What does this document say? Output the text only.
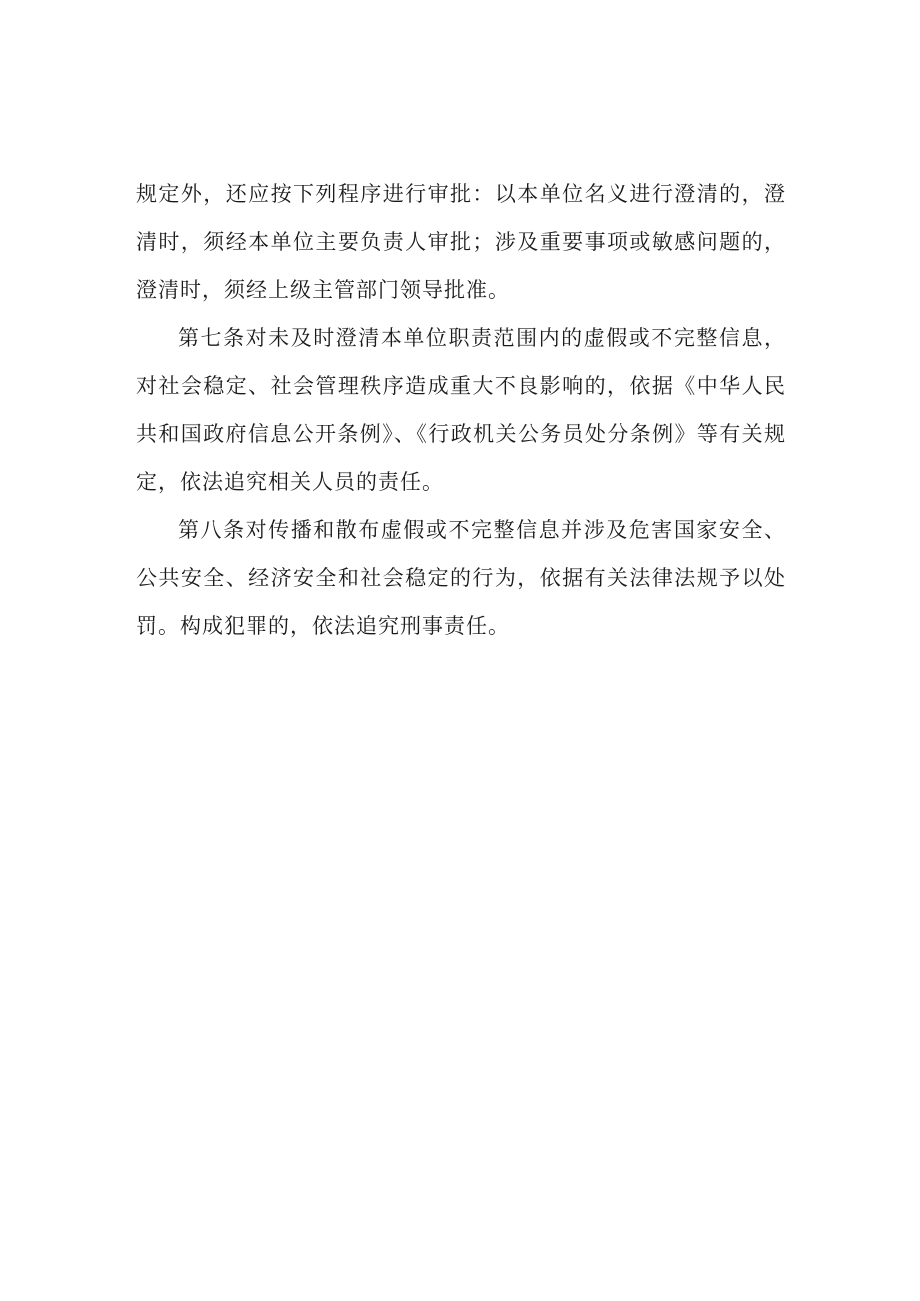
规定外，还应按下列程序进行审批：以本单位名义进行澄清的，澄清时，须经本单位主要负责人审批；涉及重要事项或敏感问题的，澄清时，须经上级主管部门领导批准。

第七条对未及时澄清本单位职责范围内的虚假或不完整信息，对社会稳定、社会管理秩序造成重大不良影响的，依据《中华人民共和国政府信息公开条例》、《行政机关公务员处分条例》等有关规定，依法追究相关人员的责任。

第八条对传播和散布虚假或不完整信息并涉及危害国家安全、公共安全、经济安全和社会稳定的行为，依据有关法律法规予以处罚。构成犯罪的，依法追究刑事责任。
